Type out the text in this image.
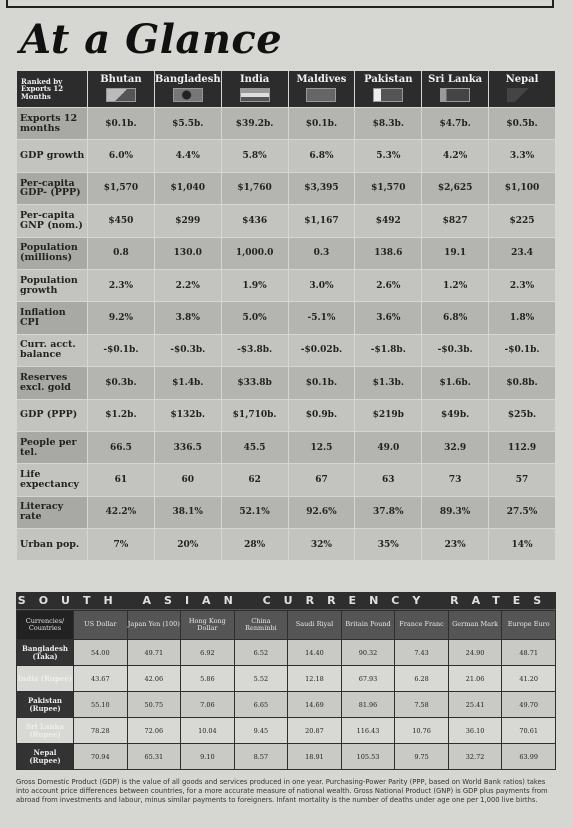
At a Glance
Ranked by Exports 12 Months	Bhutan	Bangladesh	India	Maldives	Pakistan	Sri Lanka	Nepal

Exports 12 months	$0.1b.	$5.5b.	$39.2b.	$0.1b.	$8.3b.	$4.7b.	$0.5b.
GDP growth	6.0%	4.4%	5.8%	6.8%	5.3%	4.2%	3.3%
Per-capita GDP- (PPP)	$1,570	$1,040	$1,760	$3,395	$1,570	$2,625	$1,100
Per-capita GNP (nom.)	$450	$299	$436	$1,167	$492	$827	$225
Population (millions)	0.8	130.0	1,000.0	0.3	138.6	19.1	23.4
Population growth	2.3%	2.2%	1.9%	3.0%	2.6%	1.2%	2.3%
Inflation CPI	9.2%	3.8%	5.0%	-5.1%	3.6%	6.8%	1.8%
Curr. acct. balance	-$0.1b.	-$0.3b.	-$3.8b.	-$0.02b.	-$1.8b.	-$0.3b.	-$0.1b.
Reserves excl. gold	$0.3b.	$1.4b.	$33.8b	$0.1b.	$1.3b.	$1.6b.	$0.8b.
GDP (PPP)	$1.2b.	$132b.	$1,710b.	$0.9b.	$219b	$49b.	$25b.
People per tel.	66.5	336.5	45.5	12.5	49.0	32.9	112.9
Life expectancy	61	60	62	67	63	73	57
Literacy rate	42.2%	38.1%	52.1%	92.6%	37.8%	89.3%	27.5%
Urban pop.	7%	20%	28%	32%	35%	23%	14%
SOUTH ASIAN CURRENCY RATES
Currencies/ Countries	US Dollar	Japan Yen (100)	Hong Kong Dollar	China Renminbi	Saudi Riyal	Britain Pound	France Franc	German Mark	Europe Euro
Bangladesh (Taka)	54.00	49.71	6.92	6.52	14.40	90.32	7.43	24.90	48.71
India (Rupee)	43.67	42.06	5.86	5.52	12.18	67.93	6.28	21.06	41.20
Pakistan (Rupee)	55.10	50.75	7.06	6.65	14.69	81.96	7.58	25.41	49.70
Sri Lanka (Rupee)	78.28	72.06	10.04	9.45	20.87	116.43	10.76	36.10	70.61
Nepal (Rupee)	70.94	65.31	9.10	8.57	18.91	105.53	9.75	32.72	63.99

Gross Domestic Product (GDP) is the value of all goods and services produced in one year. Purchasing-Power Parity (PPP, based on World Bank ratios) takes into account price differences between countries, for a more accurate measure of national wealth. Gross National Product (GNP) is GDP plus payments from abroad from investments and labour, minus similar payments to foreigners. Infant mortality is the number of deaths under age one per 1,000 live births.
